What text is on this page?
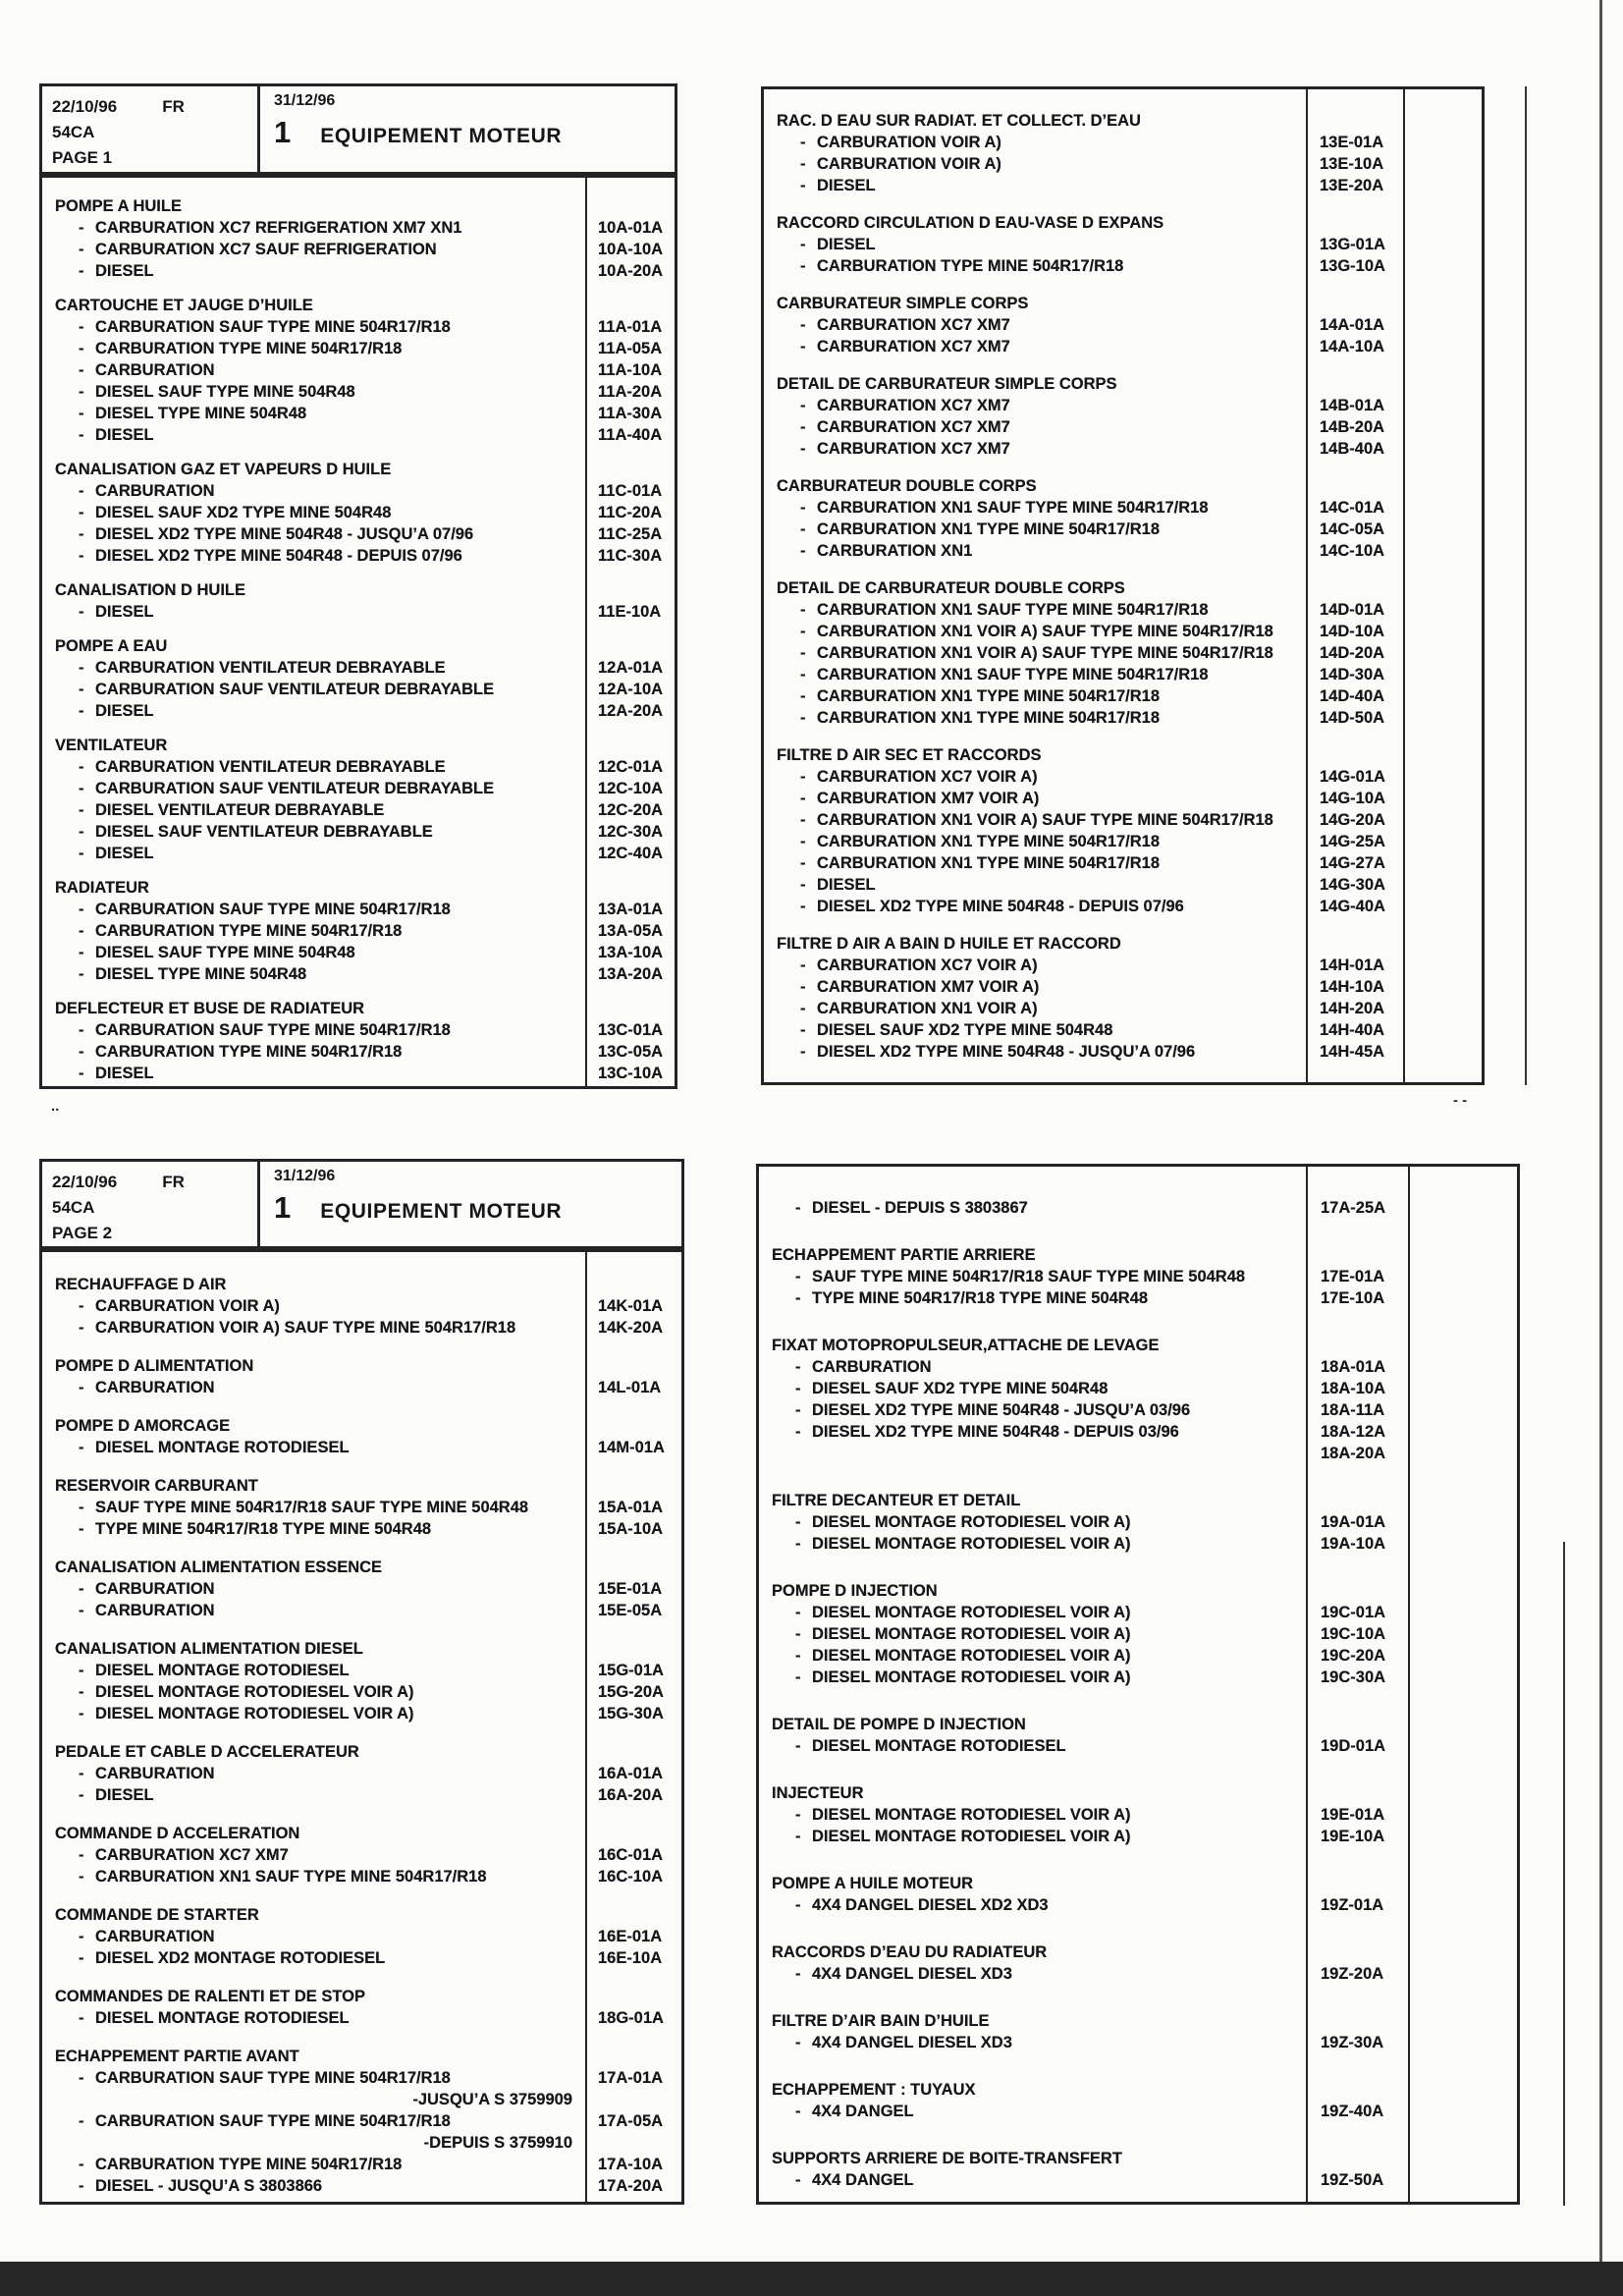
22/10/96	FR
54CA
PAGE 1
31/12/96
1 EQUIPEMENT MOTEUR
POMPE A HUILE
- CARBURATION XC7 REFRIGERATION XM7 XN1	10A-01A
- CARBURATION XC7 SAUF REFRIGERATION	10A-10A
- DIESEL	10A-20A
CARTOUCHE ET JAUGE D’HUILE
- CARBURATION SAUF TYPE MINE 504R17/R18	11A-01A
- CARBURATION TYPE MINE 504R17/R18	11A-05A
- CARBURATION	11A-10A
- DIESEL SAUF TYPE MINE 504R48	11A-20A
- DIESEL TYPE MINE 504R48	11A-30A
- DIESEL	11A-40A
CANALISATION GAZ ET VAPEURS D HUILE
- CARBURATION	11C-01A
- DIESEL SAUF XD2 TYPE MINE 504R48	11C-20A
- DIESEL XD2 TYPE MINE 504R48 - JUSQU’A 07/96	11C-25A
- DIESEL XD2 TYPE MINE 504R48 - DEPUIS 07/96	11C-30A
CANALISATION D HUILE
- DIESEL	11E-10A
POMPE A EAU
- CARBURATION VENTILATEUR DEBRAYABLE	12A-01A
- CARBURATION SAUF VENTILATEUR DEBRAYABLE	12A-10A
- DIESEL	12A-20A
VENTILATEUR
- CARBURATION VENTILATEUR DEBRAYABLE	12C-01A
- CARBURATION SAUF VENTILATEUR DEBRAYABLE	12C-10A
- DIESEL VENTILATEUR DEBRAYABLE	12C-20A
- DIESEL SAUF VENTILATEUR DEBRAYABLE	12C-30A
- DIESEL	12C-40A
RADIATEUR
- CARBURATION SAUF TYPE MINE 504R17/R18	13A-01A
- CARBURATION TYPE MINE 504R17/R18	13A-05A
- DIESEL SAUF TYPE MINE 504R48	13A-10A
- DIESEL TYPE MINE 504R48	13A-20A
DEFLECTEUR ET BUSE DE RADIATEUR
- CARBURATION SAUF TYPE MINE 504R17/R18	13C-01A
- CARBURATION TYPE MINE 504R17/R18	13C-05A
- DIESEL	13C-10A
RAC. D EAU SUR RADIAT. ET COLLECT. D’EAU
- CARBURATION VOIR A)	13E-01A
- CARBURATION VOIR A)	13E-10A
- DIESEL	13E-20A
RACCORD CIRCULATION D EAU-VASE D EXPANS
- DIESEL	13G-01A
- CARBURATION TYPE MINE 504R17/R18	13G-10A
CARBURATEUR SIMPLE CORPS
- CARBURATION XC7 XM7	14A-01A
- CARBURATION XC7 XM7	14A-10A
DETAIL DE CARBURATEUR SIMPLE CORPS
- CARBURATION XC7 XM7	14B-01A
- CARBURATION XC7 XM7	14B-20A
- CARBURATION XC7 XM7	14B-40A
CARBURATEUR DOUBLE CORPS
- CARBURATION XN1 SAUF TYPE MINE 504R17/R18	14C-01A
- CARBURATION XN1 TYPE MINE 504R17/R18	14C-05A
- CARBURATION XN1	14C-10A
DETAIL DE CARBURATEUR DOUBLE CORPS
- CARBURATION XN1 SAUF TYPE MINE 504R17/R18	14D-01A
- CARBURATION XN1 VOIR A) SAUF TYPE MINE 504R17/R18	14D-10A
- CARBURATION XN1 VOIR A) SAUF TYPE MINE 504R17/R18	14D-20A
- CARBURATION XN1 SAUF TYPE MINE 504R17/R18	14D-30A
- CARBURATION XN1 TYPE MINE 504R17/R18	14D-40A
- CARBURATION XN1 TYPE MINE 504R17/R18	14D-50A
FILTRE D AIR SEC ET RACCORDS
- CARBURATION XC7 VOIR A)	14G-01A
- CARBURATION XM7 VOIR A)	14G-10A
- CARBURATION XN1 VOIR A) SAUF TYPE MINE 504R17/R18	14G-20A
- CARBURATION XN1 TYPE MINE 504R17/R18	14G-25A
- CARBURATION XN1 TYPE MINE 504R17/R18	14G-27A
- DIESEL	14G-30A
- DIESEL XD2 TYPE MINE 504R48 - DEPUIS 07/96	14G-40A
FILTRE D AIR A BAIN D HUILE ET RACCORD
- CARBURATION XC7 VOIR A)	14H-01A
- CARBURATION XM7 VOIR A)	14H-10A
- CARBURATION XN1 VOIR A)	14H-20A
- DIESEL SAUF XD2 TYPE MINE 504R48	14H-40A
- DIESEL XD2 TYPE MINE 504R48 - JUSQU’A 07/96	14H-45A
22/10/96	FR
54CA
PAGE 2
31/12/96
1 EQUIPEMENT MOTEUR
RECHAUFFAGE D AIR
- CARBURATION VOIR A)	14K-01A
- CARBURATION VOIR A) SAUF TYPE MINE 504R17/R18	14K-20A
POMPE D ALIMENTATION
- CARBURATION	14L-01A
POMPE D AMORCAGE
- DIESEL MONTAGE ROTODIESEL	14M-01A
RESERVOIR CARBURANT
- SAUF TYPE MINE 504R17/R18 SAUF TYPE MINE 504R48	15A-01A
- TYPE MINE 504R17/R18 TYPE MINE 504R48	15A-10A
CANALISATION ALIMENTATION ESSENCE
- CARBURATION	15E-01A
- CARBURATION	15E-05A
CANALISATION ALIMENTATION DIESEL
- DIESEL MONTAGE ROTODIESEL	15G-01A
- DIESEL MONTAGE ROTODIESEL VOIR A)	15G-20A
- DIESEL MONTAGE ROTODIESEL VOIR A)	15G-30A
PEDALE ET CABLE D ACCELERATEUR
- CARBURATION	16A-01A
- DIESEL	16A-20A
COMMANDE D ACCELERATION
- CARBURATION XC7 XM7	16C-01A
- CARBURATION XN1 SAUF TYPE MINE 504R17/R18	16C-10A
COMMANDE DE STARTER
- CARBURATION	16E-01A
- DIESEL XD2 MONTAGE ROTODIESEL	16E-10A
COMMANDES DE RALENTI ET DE STOP
- DIESEL MONTAGE ROTODIESEL	18G-01A
ECHAPPEMENT PARTIE AVANT
- CARBURATION SAUF TYPE MINE 504R17/R18	17A-01A
- JUSQU’A S 3759909
- CARBURATION SAUF TYPE MINE 504R17/R18	17A-05A
- DEPUIS S 3759910
- CARBURATION TYPE MINE 504R17/R18	17A-10A
- DIESEL - JUSQU’A S 3803866	17A-20A
- DIESEL - DEPUIS S 3803867	17A-25A
ECHAPPEMENT PARTIE ARRIERE
- SAUF TYPE MINE 504R17/R18 SAUF TYPE MINE 504R48	17E-01A
- TYPE MINE 504R17/R18 TYPE MINE 504R48	17E-10A
FIXAT MOTOPROPULSEUR,ATTACHE DE LEVAGE
- CARBURATION	18A-01A
- DIESEL SAUF XD2 TYPE MINE 504R48	18A-10A
- DIESEL XD2 TYPE MINE 504R48 - JUSQU’A 03/96	18A-11A
- DIESEL XD2 TYPE MINE 504R48 - DEPUIS 03/96	18A-12A
18A-20A
FILTRE DECANTEUR ET DETAIL
- DIESEL MONTAGE ROTODIESEL VOIR A)	19A-01A
- DIESEL MONTAGE ROTODIESEL VOIR A)	19A-10A
POMPE D INJECTION
- DIESEL MONTAGE ROTODIESEL VOIR A)	19C-01A
- DIESEL MONTAGE ROTODIESEL VOIR A)	19C-10A
- DIESEL MONTAGE ROTODIESEL VOIR A)	19C-20A
- DIESEL MONTAGE ROTODIESEL VOIR A)	19C-30A
DETAIL DE POMPE D INJECTION
- DIESEL MONTAGE ROTODIESEL	19D-01A
INJECTEUR
- DIESEL MONTAGE ROTODIESEL VOIR A)	19E-01A
- DIESEL MONTAGE ROTODIESEL VOIR A)	19E-10A
POMPE A HUILE MOTEUR
- 4X4 DANGEL DIESEL XD2 XD3	19Z-01A
RACCORDS D’EAU DU RADIATEUR
- 4X4 DANGEL DIESEL XD3	19Z-20A
FILTRE D’AIR BAIN D’HUILE
- 4X4 DANGEL DIESEL XD3	19Z-30A
ECHAPPEMENT : TUYAUX
- 4X4 DANGEL	19Z-40A
SUPPORTS ARRIERE DE BOITE-TRANSFERT
- 4X4 DANGEL	19Z-50A
..	- -
